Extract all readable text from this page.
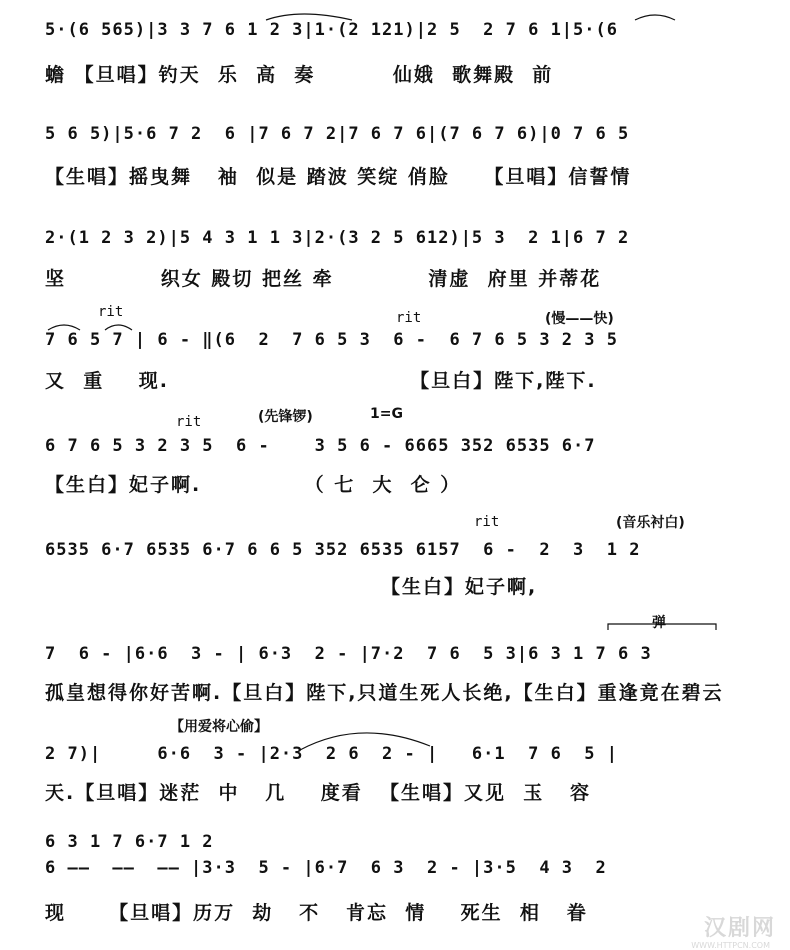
5·(6 565)|3 3 7 6 1 2 3|1·(2 121)|2 5  2 7 6 1|5·(6
蟾 【旦唱】钓天  乐  高  奏         仙娥  歌舞殿  前
5 6 5)|5·6 7 2  6 |7 6 7 2|7 6 7 6|(7 6 7 6)|0 7 6 5
【生唱】摇曳舞   袖  似是 踏波 笑绽 俏脸    【旦唱】信誓情
2·(1 2 3 2)|5 4 3 1 1 3|2·(3 2 5 612)|5 3  2 1|6 7 2
坚           织女 殿切 把丝 牵           清虚  府里 并蒂花
rit	rit	(慢——快)
7 6 5 7 | 6 - ‖(6  2  7 6 5 3  6 -  6 7 6 5 3 2 3 5
又  重    现.                            【旦白】陛下,陛下.
rit	(先锋锣)	1=G
6 7 6 5 3 2 3 5  6 -    3 5 6 - 6665 352 6535 6·7
【生白】妃子啊.            （ 七  大  仑 ）
rit	(音乐衬白)
6535 6·7 6535 6·7 6 6 5 352 6535 6157  6 -  2  3  1 2
【生白】妃子啊,
弹
7  6 - |6·6  3 - | 6·3  2 - |7·2  7 6  5 3|6 3 1 7 6 3
孤皇想得你好苦啊.【旦白】陛下,只道生死人长绝,【生白】重逢竟在碧云
【用爱将心偷】
2 7)|     6·6  3 - |2·3  2 6  2 - |   6·1  7 6  5 |
天.【旦唱】迷茫  中   几    度看  【生唱】又见  玉   容
6 3 1 7 6·7 1 2
6 ——  ——  —— |3·3  5 - |6·7  6 3  2 - |3·5  4 3  2
现     【旦唱】历万  劫   不   肯忘  情    死生  相   眷
汉剧网
WWW.HTTPCN.COM
